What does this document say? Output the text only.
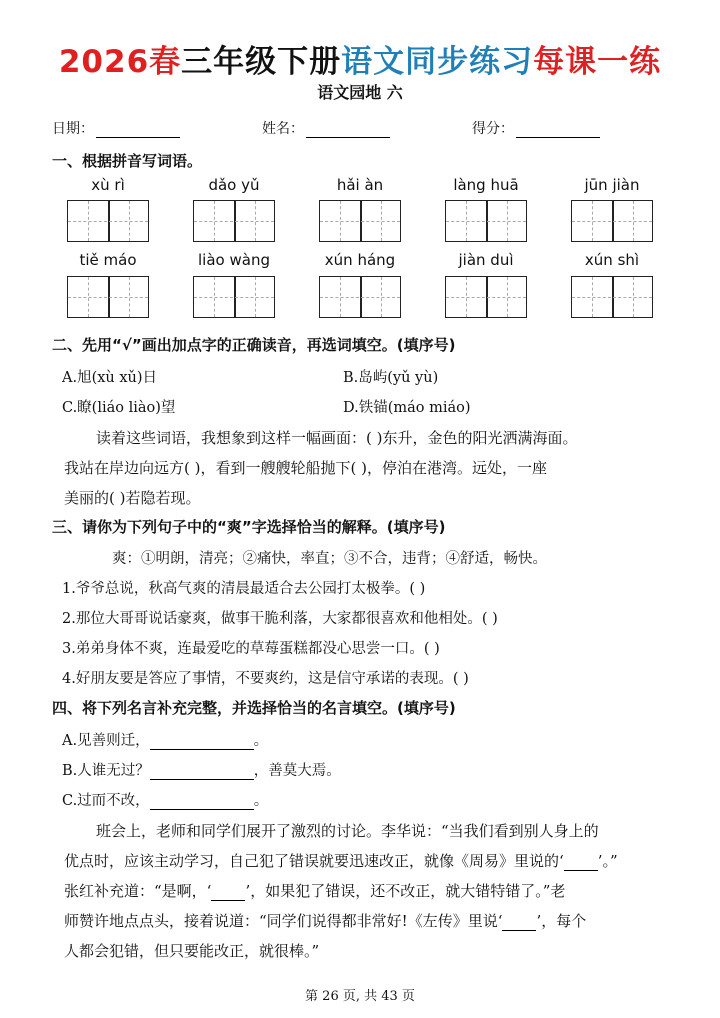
2026春三年级下册语文同步练习每课一练
语文园地 六
日期：	姓名：	得分：
一、根据拼音写词语。
xù rì	dǎo yǔ	hǎi àn	làng huā	jūn jiàn
tiě máo	liào wàng	xún háng	jiàn duì	xún shì
二、先用“√”画出加点字的正确读音，再选词填空。(填序号)
A.旭(xù xǔ)日	B.岛屿(yǔ yù)
C.瞭(liáo liào)望	D.铁锚(máo miáo)
读着这些词语，我想象到这样一幅画面：( )东升，金色的阳光洒满海面。
我站在岸边向远方( )，看到一艘艘轮船抛下( )，停泊在港湾。远处，一座
美丽的( )若隐若现。
三、请你为下列句子中的“爽”字选择恰当的解释。(填序号)
爽：①明朗，清亮；②痛快，率直；③不合，违背；④舒适，畅快。
1.爷爷总说，秋高气爽的清晨最适合去公园打太极拳。( )
2.那位大哥哥说话豪爽，做事干脆利落，大家都很喜欢和他相处。( )
3.弟弟身体不爽，连最爱吃的草莓蛋糕都没心思尝一口。( )
4.好朋友要是答应了事情，不要爽约，这是信守承诺的表现。( )
四、将下列名言补充完整，并选择恰当的名言填空。(填序号)
A.见善则迁，	。
B.人谁无过？	，善莫大焉。
C.过而不改，	。
班会上，老师和同学们展开了激烈的讨论。李华说：“当我们看到别人身上的
优点时，应该主动学习，自己犯了错误就要迅速改正，就像《周易》里说的‘ ’。”
张红补充道：“是啊，‘ ’，如果犯了错误，还不改正，就大错特错了。”老
师赞许地点点头，接着说道：“同学们说得都非常好!《左传》里说‘ ’，每个
人都会犯错，但只要能改正，就很棒。”
第 26 页, 共 43 页
